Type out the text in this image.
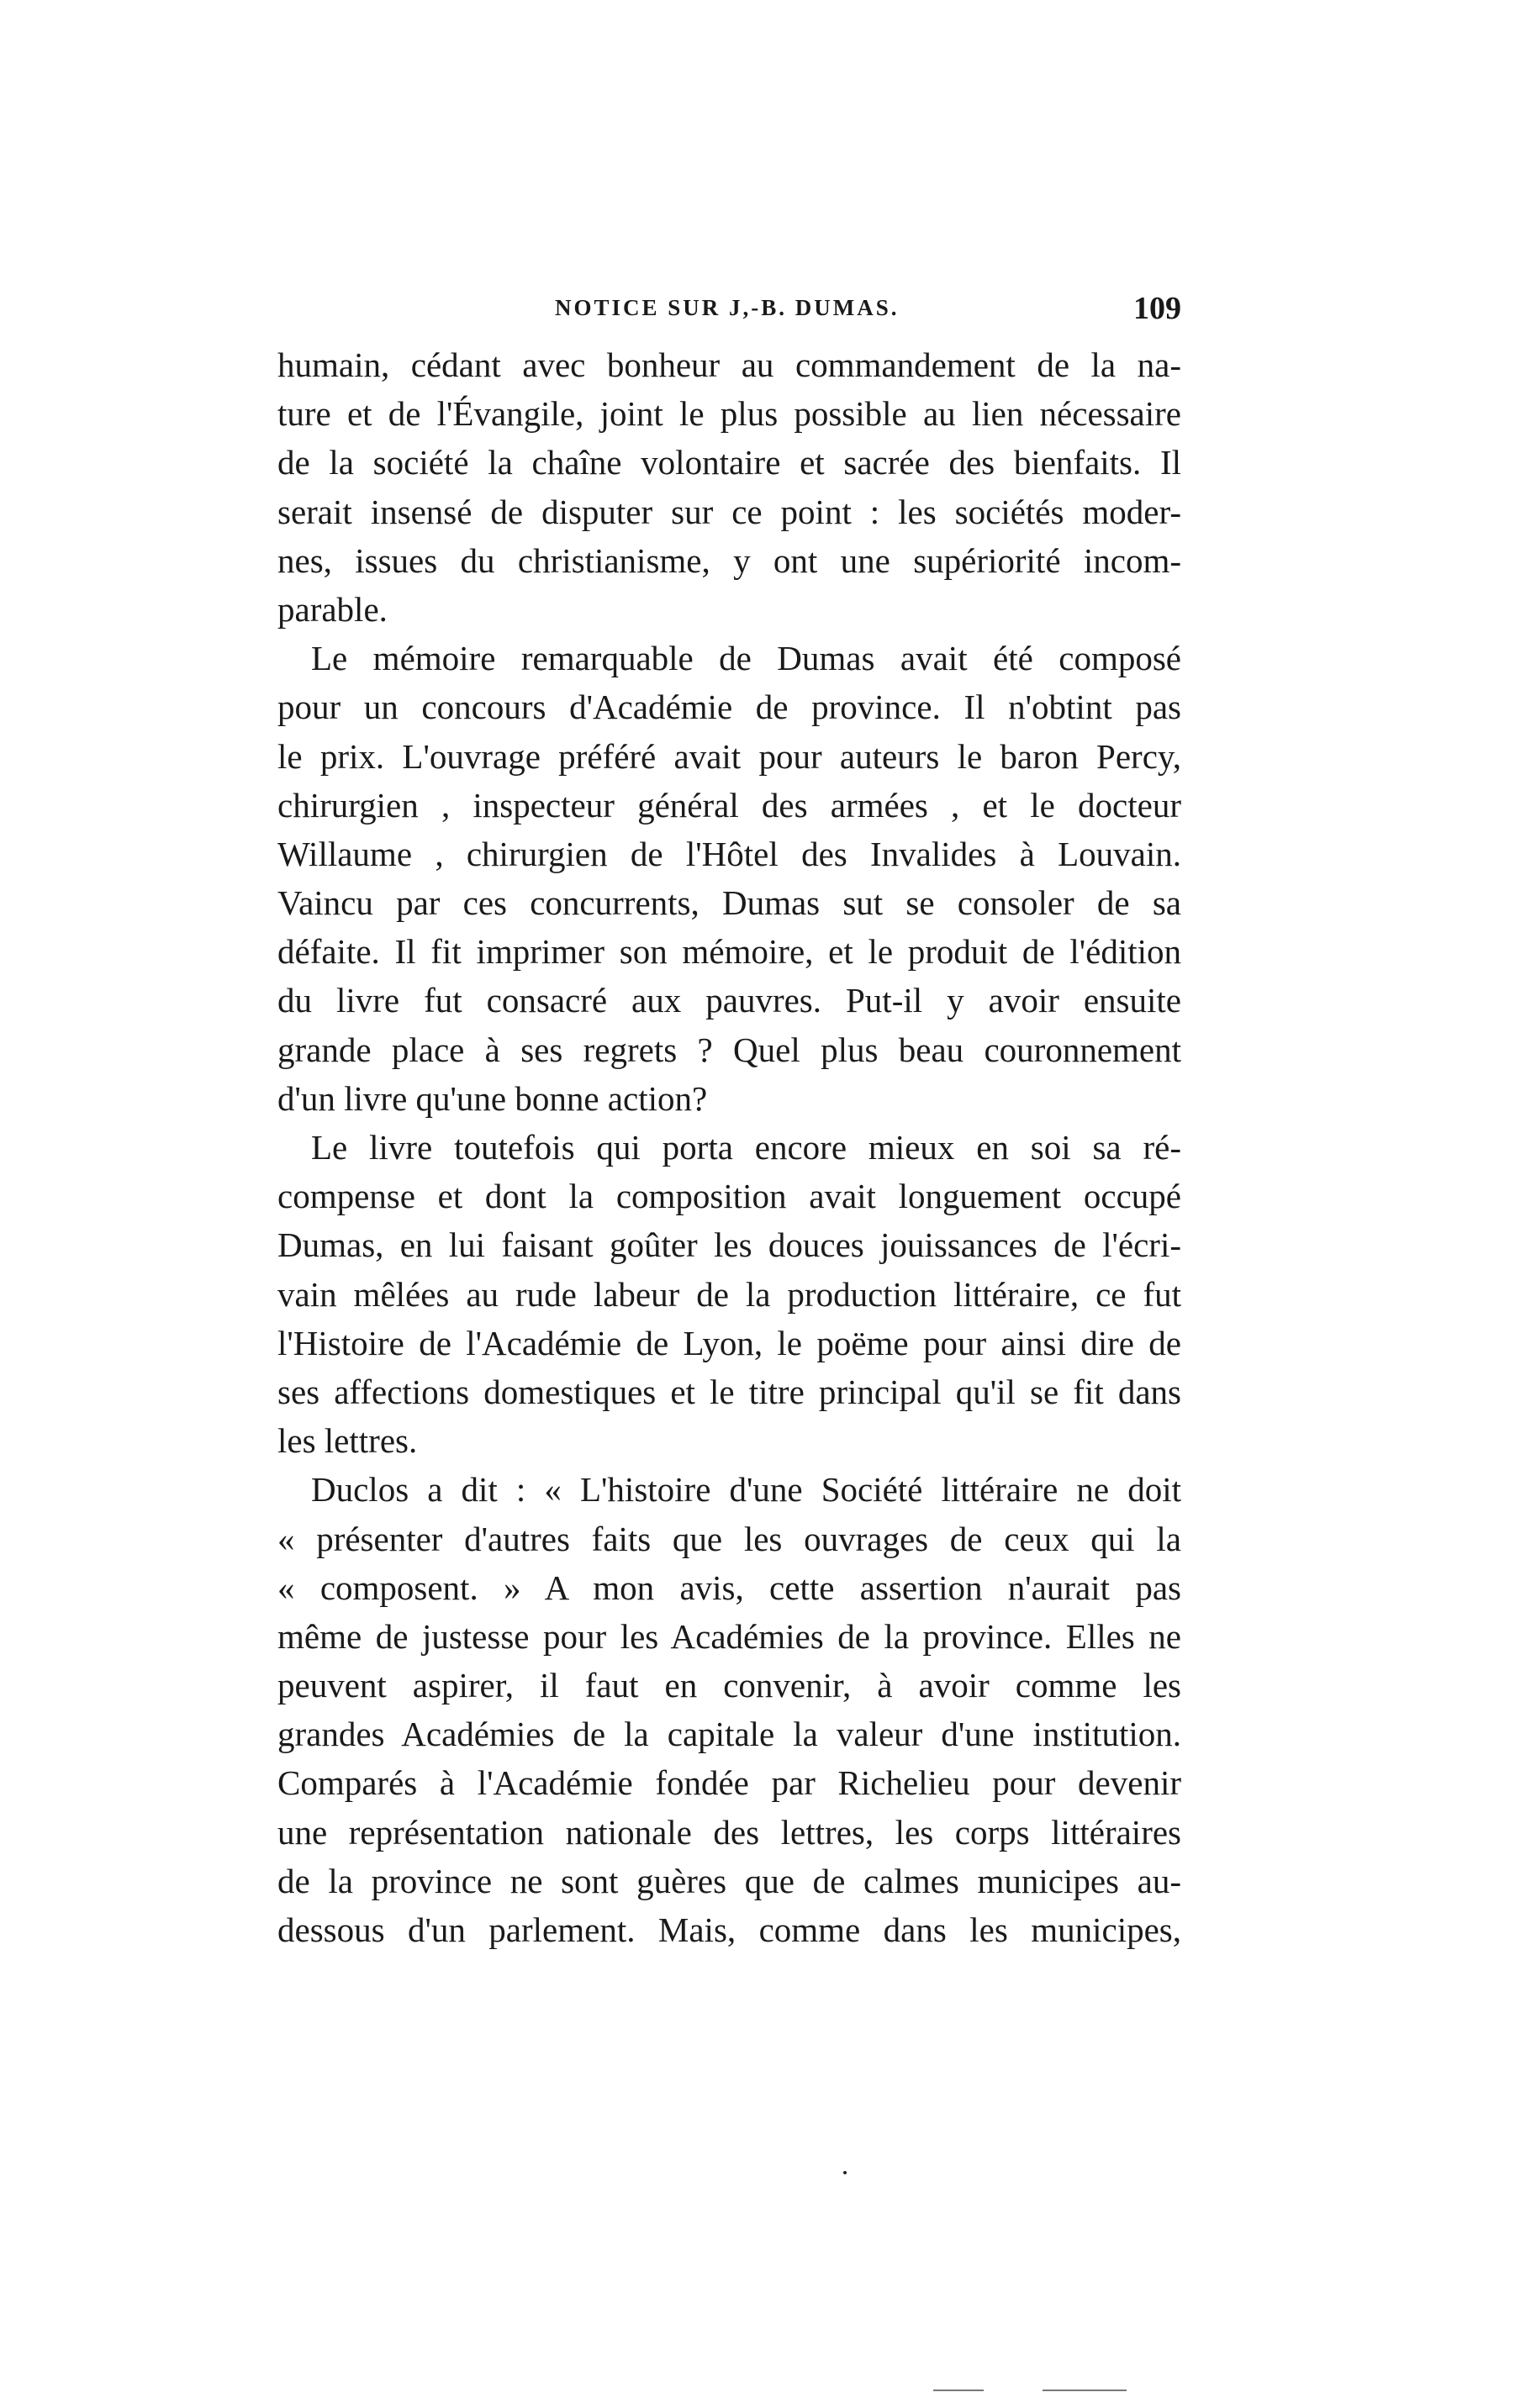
NOTICE SUR J,-B. DUMAS.	109
humain, cédant avec bonheur au commandement de la na-
ture et de l'Évangile, joint le plus possible au lien nécessaire
de la société la chaîne volontaire et sacrée des bienfaits. Il
serait insensé de disputer sur ce point : les sociétés moder-
nes, issues du christianisme, y ont une supériorité incom-
parable.
Le mémoire remarquable de Dumas avait été composé
pour un concours d'Académie de province. Il n'obtint pas
le prix. L'ouvrage préféré avait pour auteurs le baron Percy,
chirurgien , inspecteur général des armées , et le docteur
Willaume , chirurgien de l'Hôtel des Invalides à Louvain.
Vaincu par ces concurrents, Dumas sut se consoler de sa
défaite. Il fit imprimer son mémoire, et le produit de l'édition
du livre fut consacré aux pauvres. Put-il y avoir ensuite
grande place à ses regrets ? Quel plus beau couronnement
d'un livre qu'une bonne action?
Le livre toutefois qui porta encore mieux en soi sa ré-
compense et dont la composition avait longuement occupé
Dumas, en lui faisant goûter les douces jouissances de l'écri-
vain mêlées au rude labeur de la production littéraire, ce fut
l'Histoire de l'Académie de Lyon, le poëme pour ainsi dire de
ses affections domestiques et le titre principal qu'il se fit dans
les lettres.
Duclos a dit : « L'histoire d'une Société littéraire ne doit
« présenter d'autres faits que les ouvrages de ceux qui la
« composent. » A mon avis, cette assertion n'aurait pas
même de justesse pour les Académies de la province. Elles ne
peuvent aspirer, il faut en convenir, à avoir comme les
grandes Académies de la capitale la valeur d'une institution.
Comparés à l'Académie fondée par Richelieu pour devenir
une représentation nationale des lettres, les corps littéraires
de la province ne sont guères que de calmes municipes au-
dessous d'un parlement. Mais, comme dans les municipes,
